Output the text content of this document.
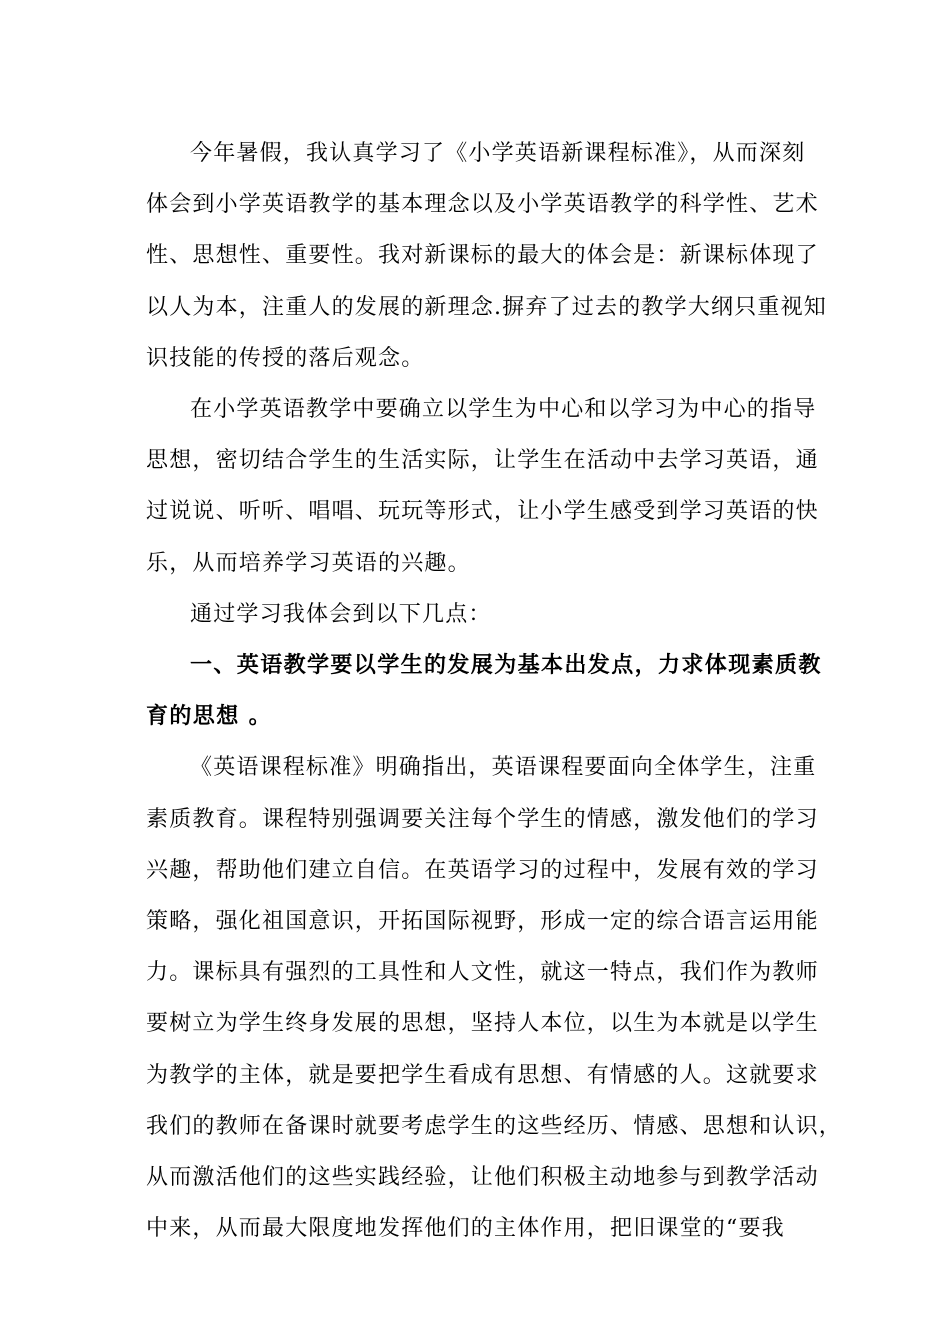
今年暑假，我认真学习了《小学英语新课程标准》，从而深刻
体会到小学英语教学的基本理念以及小学英语教学的科学性、艺术
性、思想性、重要性。我对新课标的最大的体会是：新课标体现了
以人为本，注重人的发展的新理念.摒弃了过去的教学大纲只重视知
识技能的传授的落后观念。
在小学英语教学中要确立以学生为中心和以学习为中心的指导
思想，密切结合学生的生活实际，让学生在活动中去学习英语，通
过说说、听听、唱唱、玩玩等形式，让小学生感受到学习英语的快
乐，从而培养学习英语的兴趣。
通过学习我体会到以下几点：
一、英语教学要以学生的发展为基本出发点，力求体现素质教
育的思想 。
《英语课程标准》明确指出，英语课程要面向全体学生，注重
素质教育。课程特别强调要关注每个学生的情感，激发他们的学习
兴趣，帮助他们建立自信。在英语学习的过程中，发展有效的学习
策略，强化祖国意识，开拓国际视野，形成一定的综合语言运用能
力。课标具有强烈的工具性和人文性，就这一特点，我们作为教师
要树立为学生终身发展的思想，坚持人本位，以生为本就是以学生
为教学的主体，就是要把学生看成有思想、有情感的人。这就要求
我们的教师在备课时就要考虑学生的这些经历、情感、思想和认识，
从而激活他们的这些实践经验，让他们积极主动地参与到教学活动
中来，从而最大限度地发挥他们的主体作用，把旧课堂的“要我
